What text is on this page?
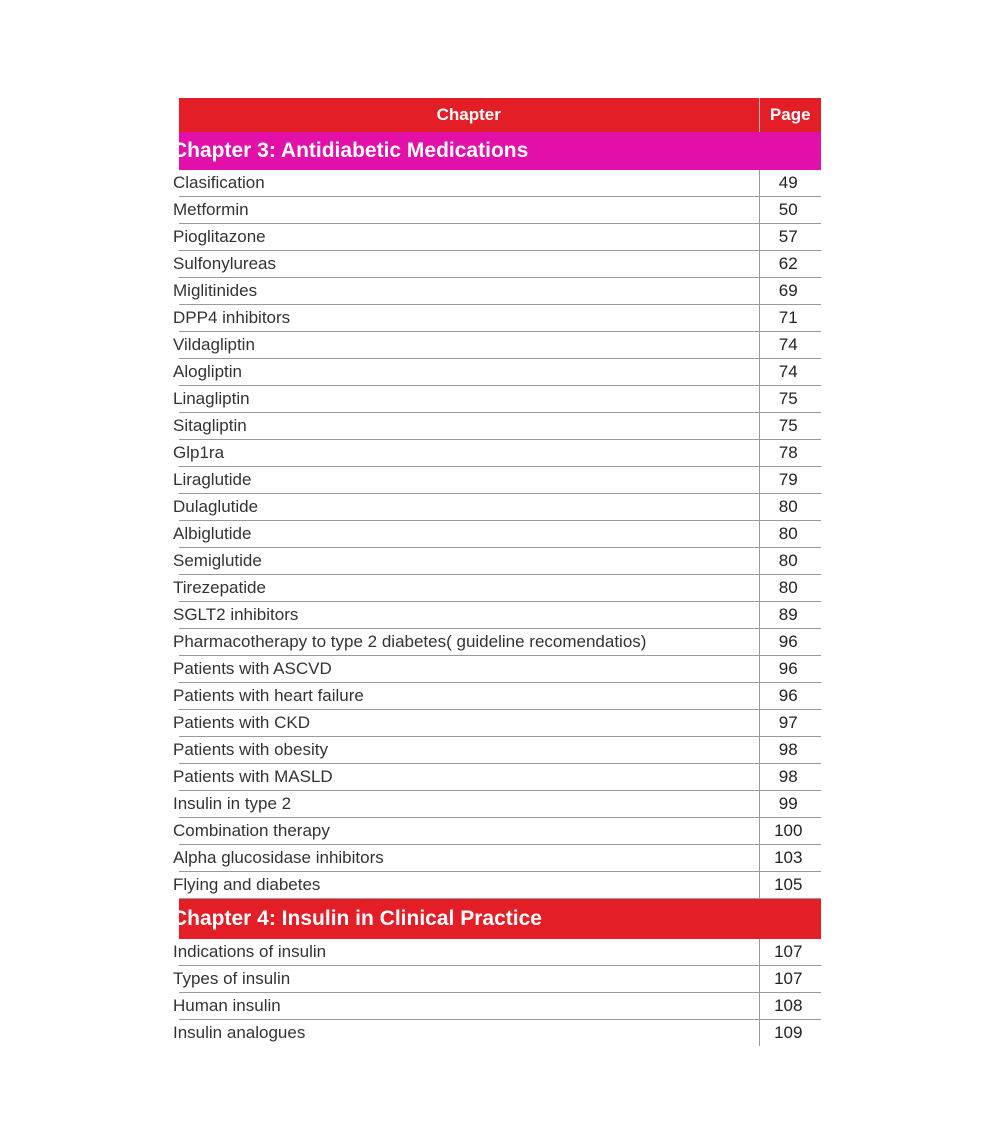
Chapter	Page
Chapter 3: Antidiabetic Medications	
Clasification	49
Metformin	50
Pioglitazone	57
Sulfonylureas	62
Miglitinides	69
DPP4 inhibitors	71
Vildagliptin	74
Alogliptin	74
Linagliptin	75
Sitagliptin	75
Glp1ra	78
Liraglutide	79
Dulaglutide	80
Albiglutide	80
Semiglutide	80
Tirezepatide	80
SGLT2 inhibitors	89
Pharmacotherapy to type 2 diabetes( guideline recomendatios)	96
Patients with ASCVD	96
Patients with heart failure	96
Patients with CKD	97
Patients with obesity	98
Patients with MASLD	98
Insulin in type 2	99
Combination therapy	100
Alpha glucosidase inhibitors	103
Flying and diabetes	105
Chapter 4: Insulin in Clinical Practice	
Indications of insulin	107
Types of insulin	107
Human insulin	108
Insulin analogues	109
